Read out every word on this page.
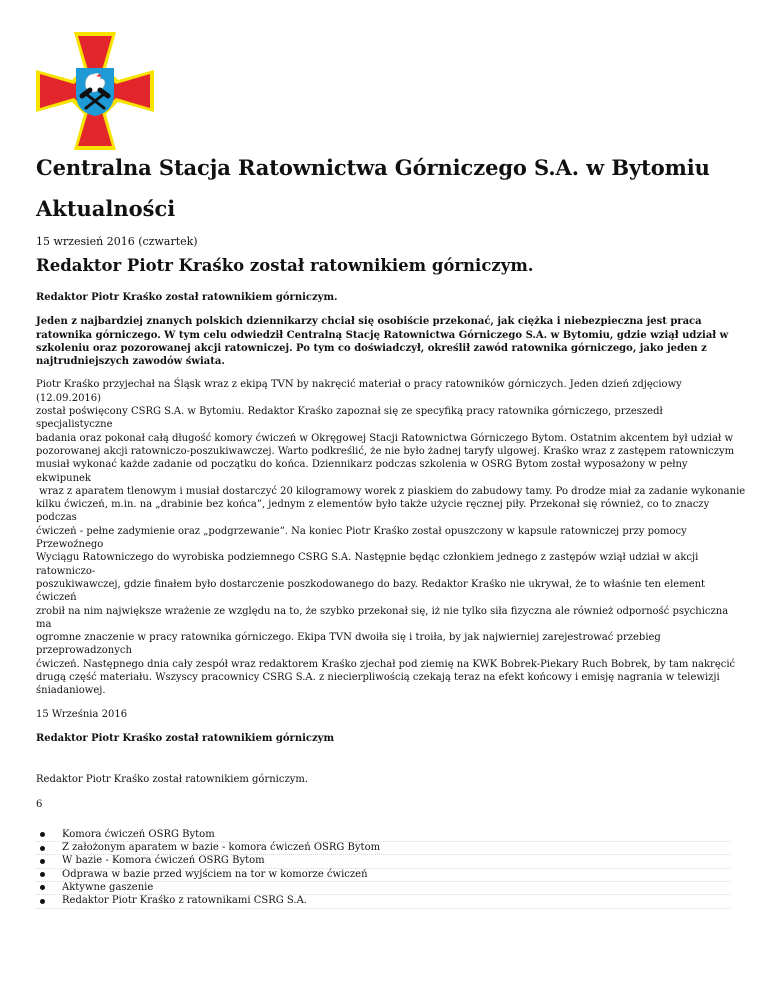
Centralna Stacja Ratownictwa Górniczego S.A. w Bytomiu
Aktualności
15 wrzesień 2016 (czwartek)
Redaktor Piotr Kraśko został ratownikiem górniczym.

Redaktor Piotr Kraśko został ratownikiem górniczym.

Jeden z najbardziej znanych polskich dziennikarzy chciał się osobiście przekonać, jak ciężka i niebezpieczna jest praca ratownika górniczego. W tym celu odwiedził Centralną Stację Ratownictwa Górniczego S.A. w Bytomiu, gdzie wziął udział w szkoleniu oraz pozorowanej akcji ratowniczej. Po tym co doświadczył, określił zawód ratownika górniczego, jako jeden z najtrudniejszych zawodów świata.

Piotr Kraśko przyjechał na Śląsk wraz z ekipą TVN by nakręcić materiał o pracy ratowników górniczych. Jeden dzień zdjęciowy (12.09.2016)
został poświęcony CSRG S.A. w Bytomiu. Redaktor Kraśko zapoznał się ze specyfiką pracy ratownika górniczego, przeszedł specjalistyczne
badania oraz pokonał całą długość komory ćwiczeń w Okręgowej Stacji Ratownictwa Górniczego Bytom. Ostatnim akcentem był udział w
pozorowanej akcji ratowniczo-poszukiwawczej. Warto podkreślić, że nie było żadnej taryfy ulgowej. Kraśko wraz z zastępem ratowniczym
musiał wykonać każde zadanie od początku do końca. Dziennikarz podczas szkolenia w OSRG Bytom został wyposażony w pełny ekwipunek
wraz z aparatem tlenowym i musiał dostarczyć 20 kilogramowy worek z piaskiem do zabudowy tamy. Po drodze miał za zadanie wykonanie
kilku ćwiczeń, m.in. na „drabinie bez końca”, jednym z elementów było także użycie ręcznej piły. Przekonał się również, co to znaczy podczas
ćwiczeń - pełne zadymienie oraz „podgrzewanie”. Na koniec Piotr Kraśko został opuszczony w kapsule ratowniczej przy pomocy Przewoźnego
Wyciągu Ratowniczego do wyrobiska podziemnego CSRG S.A. Następnie będąc członkiem jednego z zastępów wziął udział w akcji ratowniczo-
poszukiwawczej, gdzie finałem było dostarczenie poszkodowanego do bazy. Redaktor Kraśko nie ukrywał, że to właśnie ten element ćwiczeń
zrobił na nim największe wrażenie ze względu na to, że szybko przekonał się, iż nie tylko siła fizyczna ale również odporność psychiczna ma
ogromne znaczenie w pracy ratownika górniczego. Ekipa TVN dwoiła się i troiła, by jak najwierniej zarejestrować przebieg przeprowadzonych
ćwiczeń. Następnego dnia cały zespół wraz redaktorem Kraśko zjechał pod ziemię na KWK Bobrek-Piekary Ruch Bobrek, by tam nakręcić
drugą część materiału. Wszyscy pracownicy CSRG S.A. z niecierpliwością czekają teraz na efekt końcowy i emisję nagrania w telewizji
śniadaniowej.

15 Września 2016

Redaktor Piotr Kraśko został ratownikiem górniczym

Redaktor Piotr Kraśko został ratownikiem górniczym.

6

Komora ćwiczeń OSRG Bytom
Z założonym aparatem w bazie - komora ćwiczeń OSRG Bytom
W bazie - Komora ćwiczeń OSRG Bytom
Odprawa w bazie przed wyjściem na tor w komorze ćwiczeń
Aktywne gaszenie
Redaktor Piotr Kraśko z ratownikami CSRG S.A.
